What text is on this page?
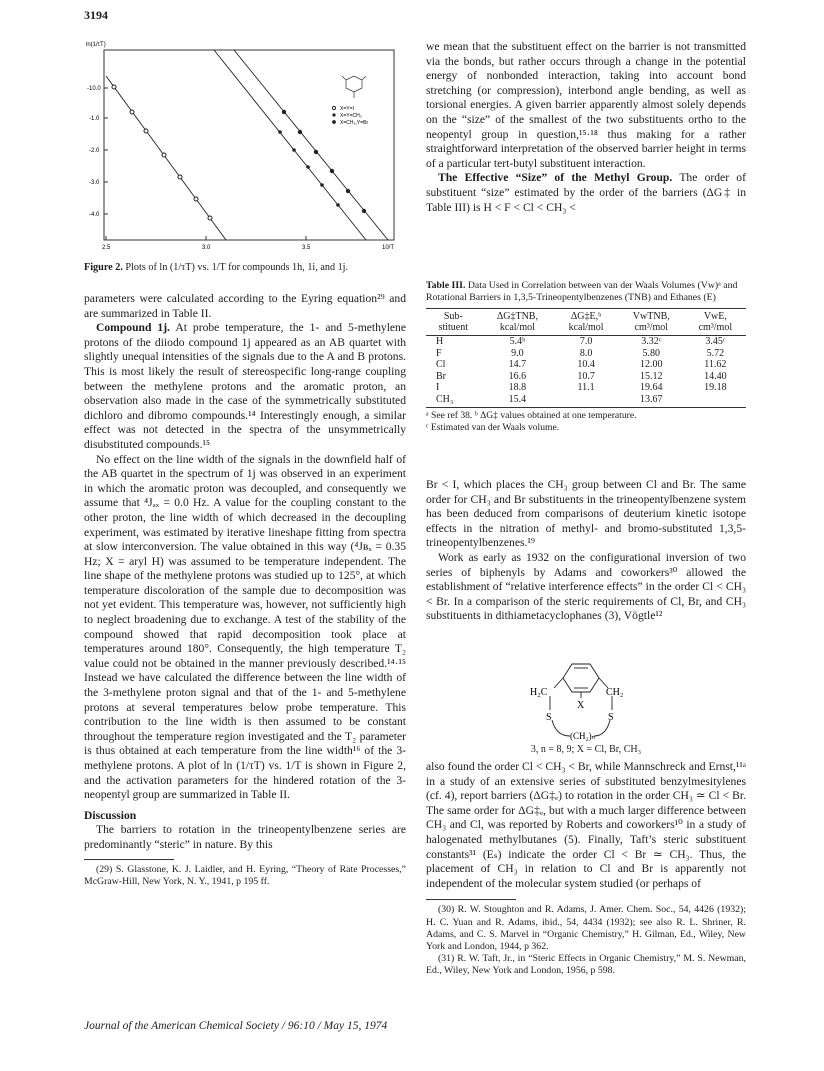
3194
ln(1/τT)
-10.0
-1.0
-2.0
-3.0
-4.0
2.5	3.0	3.5	10/T
X=Y=I
X=Y=CH₃
X=CH₃,Y=Br
Figure 2. Plots of ln (1/τT) vs. 1/T for compounds 1h, 1i, and 1j.

parameters were calculated according to the Eyring equation²⁹ and are summarized in Table II.

Compound 1j. At probe temperature, the 1- and 5-methylene protons of the diiodo compound 1j appeared as an AB quartet with slightly unequal intensities of the signals due to the A and B protons. This is most likely the result of stereospecific long-range coupling between the methylene protons and the aromatic proton, an observation also made in the case of the symmetrically substituted dichloro and dibromo compounds.¹⁴ Interestingly enough, a similar effect was not detected in the spectra of the unsymmetrically disubstituted compounds.¹⁵

No effect on the line width of the signals in the downfield half of the AB quartet in the spectrum of 1j was observed in an experiment in which the aromatic proton was decoupled, and consequently we assume that ⁴Jₐₓ = 0.0 Hz. A value for the coupling constant to the other proton, the line width of which decreased in the decoupling experiment, was estimated by iterative lineshape fitting from spectra at slow interconversion. The value obtained in this way (⁴Jʙₓ = 0.35 Hz; X = aryl H) was assumed to be temperature independent. The line shape of the methylene protons was studied up to 125°, at which temperature discoloration of the sample due to decomposition was not yet evident. This temperature was, however, not sufficiently high to neglect broadening due to exchange. A test of the stability of the compound showed that rapid decomposition took place at temperatures around 180°. Consequently, the high temperature T₂ value could not be obtained in the manner previously described.¹⁴·¹⁵ Instead we have calculated the difference between the line width of the 3-methylene proton signal and that of the 1- and 5-methylene protons at several temperatures below probe temperature. This contribution to the line width is then assumed to be constant throughout the temperature region investigated and the T₂ parameter is thus obtained at each temperature from the line width¹⁶ of the 3-methylene protons. A plot of ln (1/τT) vs. 1/T is shown in Figure 2, and the activation parameters for the hindered rotation of the 3-neopentyl group are summarized in Table II.

Discussion

The barriers to rotation in the trineopentylbenzene series are predominantly “steric” in nature. By this

(29) S. Glasstone, K. J. Laidler, and H. Eyring, “Theory of Rate Processes,” McGraw-Hill, New York, N. Y., 1941, p 195 ff.

we mean that the substituent effect on the barrier is not transmitted via the bonds, but rather occurs through a change in the potential energy of nonbonded interaction, taking into account bond stretching (or compression), interbond angle bending, as well as torsional energies. A given barrier apparently almost solely depends on the “size” of the smallest of the two substituents ortho to the neopentyl group in question,¹⁵·¹⁸ thus making for a rather straightforward interpretation of the observed barrier height in terms of a particular tert-butyl substituent interaction.

The Effective “Size” of the Methyl Group. The order of substituent “size” estimated by the order of the barriers (ΔG‡ in Table III) is H < F < Cl < CH₃ <

Table III. Data Used in Correlation between van der Waals Volumes (Vᴡ)ᵃ and Rotational Barriers in 1,3,5-Trineopentylbenzenes (TNB) and Ethanes (E)
Sub-
stituent	ΔG‡TNB,
kcal/mol	ΔG‡E,ᵇ
kcal/mol	VᴡTNB,
cm³/mol	VᴡE,
cm³/mol
H	5.4ᵇ	7.0	3.32ᶜ	3.45ᶜ
F	9.0	8.0	5.80	5.72
Cl	14.7	10.4	12.00	11.62
Br	16.6	10.7	15.12	14.40
I	18.8	11.1	19.64	19.18
CH₃	15.4		13.67	
ᵃ See ref 38. ᵇ ΔG‡ values obtained at one temperature.
ᶜ Estimated van der Waals volume.

Br < I, which places the CH₃ group between Cl and Br. The same order for CH₃ and Br substituents in the trineopentylbenzene system has been deduced from comparisons of deuterium kinetic isotope effects in the nitration of methyl- and bromo-substituted 1,3,5-trineopentylbenzenes.¹⁹

Work as early as 1932 on the configurational inversion of two series of biphenyls by Adams and coworkers³⁰ allowed the establishment of “relative interference effects” in the order Cl < CH₃ < Br. In a comparison of the steric requirements of Cl, Br, and CH₃ substituents in dithiametacyclophanes (3), Vögtle¹²

H₂C	CH₂
S	S
X
(CH₂)ₙ
3, n = 8, 9; X = Cl, Br, CH₃

also found the order Cl < CH₃ < Br, while Mannschreck and Ernst,¹¹ᵃ in a study of an extensive series of substituted benzylmesitylenes (cf. 4), report barriers (ΔG‡ₑ) to rotation in the order CH₃ ≃ Cl < Br. The same order for ΔG‡ₑ, but with a much larger difference between CH₃ and Cl, was reported by Roberts and coworkers¹⁰ in a study of halogenated methylbutanes (5). Finally, Taft’s steric substituent constants³¹ (Eₛ) indicate the order Cl < Br ≃ CH₃. Thus, the placement of CH₃ in relation to Cl and Br is apparently not independent of the molecular system studied (or perhaps of

(30) R. W. Stoughton and R. Adams, J. Amer. Chem. Soc., 54, 4426 (1932); H. C. Yuan and R. Adams, ibid., 54, 4434 (1932); see also R. L. Shriner, R. Adams, and C. S. Marvel in “Organic Chemistry,” H. Gilman, Ed., Wiley, New York and London, 1944, p 362.

(31) R. W. Taft, Jr., in “Steric Effects in Organic Chemistry,” M. S. Newman, Ed., Wiley, New York and London, 1956, p 598.

Journal of the American Chemical Society / 96:10 / May 15, 1974
